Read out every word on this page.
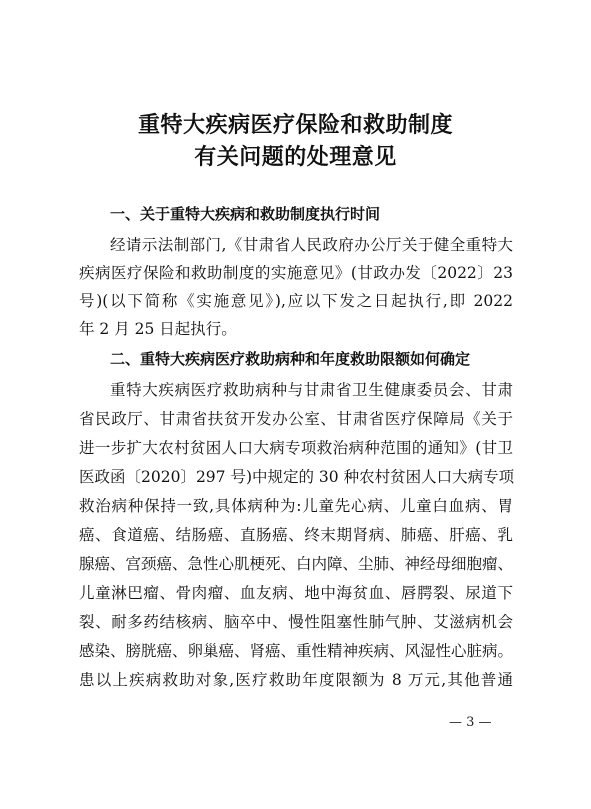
重特大疾病医疗保险和救助制度
有关问题的处理意见
一、关于重特大疾病和救助制度执行时间
经请示法制部门,《甘肃省人民政府办公厅关于健全重特大
疾病医疗保险和救助制度的实施意见》(甘政办发〔2022〕23
号)(以下简称《实施意见》),应以下发之日起执行,即 2022
年 2 月 25 日起执行。
二、重特大疾病医疗救助病种和年度救助限额如何确定
重特大疾病医疗救助病种与甘肃省卫生健康委员会、甘肃
省民政厅、甘肃省扶贫开发办公室、甘肃省医疗保障局《关于
进一步扩大农村贫困人口大病专项救治病种范围的通知》(甘卫
医政函〔2020〕297 号)中规定的 30 种农村贫困人口大病专项
救治病种保持一致,具体病种为:儿童先心病、儿童白血病、胃
癌、食道癌、结肠癌、直肠癌、终末期肾病、肺癌、肝癌、乳
腺癌、宫颈癌、急性心肌梗死、白内障、尘肺、神经母细胞瘤、
儿童淋巴瘤、骨肉瘤、血友病、地中海贫血、唇腭裂、尿道下
裂、耐多药结核病、脑卒中、慢性阻塞性肺气肿、艾滋病机会
感染、膀胱癌、卵巢癌、肾癌、重性精神疾病、风湿性心脏病。
患以上疾病救助对象,医疗救助年度限额为 8 万元,其他普通
— 3 —
